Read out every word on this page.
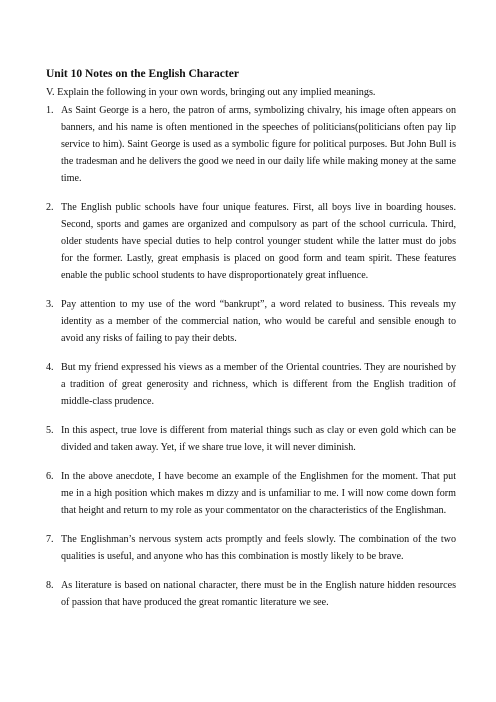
Unit 10 Notes on the English Character
V. Explain the following in your own words, bringing out any implied meanings.
1. As Saint George is a hero, the patron of arms, symbolizing chivalry, his image often appears on banners, and his name is often mentioned in the speeches of politicians(politicians often pay lip service to him). Saint George is used as a symbolic figure for political purposes. But John Bull is the tradesman and he delivers the good we need in our daily life while making money at the same time.
2. The English public schools have four unique features. First, all boys live in boarding houses. Second, sports and games are organized and compulsory as part of the school curricula. Third, older students have special duties to help control younger student while the latter must do jobs for the former. Lastly, great emphasis is placed on good form and team spirit. These features enable the public school students to have disproportionately great influence.
3. Pay attention to my use of the word “bankrupt”, a word related to business. This reveals my identity as a member of the commercial nation, who would be careful and sensible enough to avoid any risks of failing to pay their debts.
4. But my friend expressed his views as a member of the Oriental countries. They are nourished by a tradition of great generosity and richness, which is different from the English tradition of middle-class prudence.
5. In this aspect, true love is different from material things such as clay or even gold which can be divided and taken away. Yet, if we share true love, it will never diminish.
6. In the above anecdote, I have become an example of the Englishmen for the moment. That put me in a high position which makes m dizzy and is unfamiliar to me. I will now come down form that height and return to my role as your commentator on the characteristics of the Englishman.
7. The Englishman’s nervous system acts promptly and feels slowly. The combination of the two qualities is useful, and anyone who has this combination is mostly likely to be brave.
8. As literature is based on national character, there must be in the English nature hidden resources of passion that have produced the great romantic literature we see.
